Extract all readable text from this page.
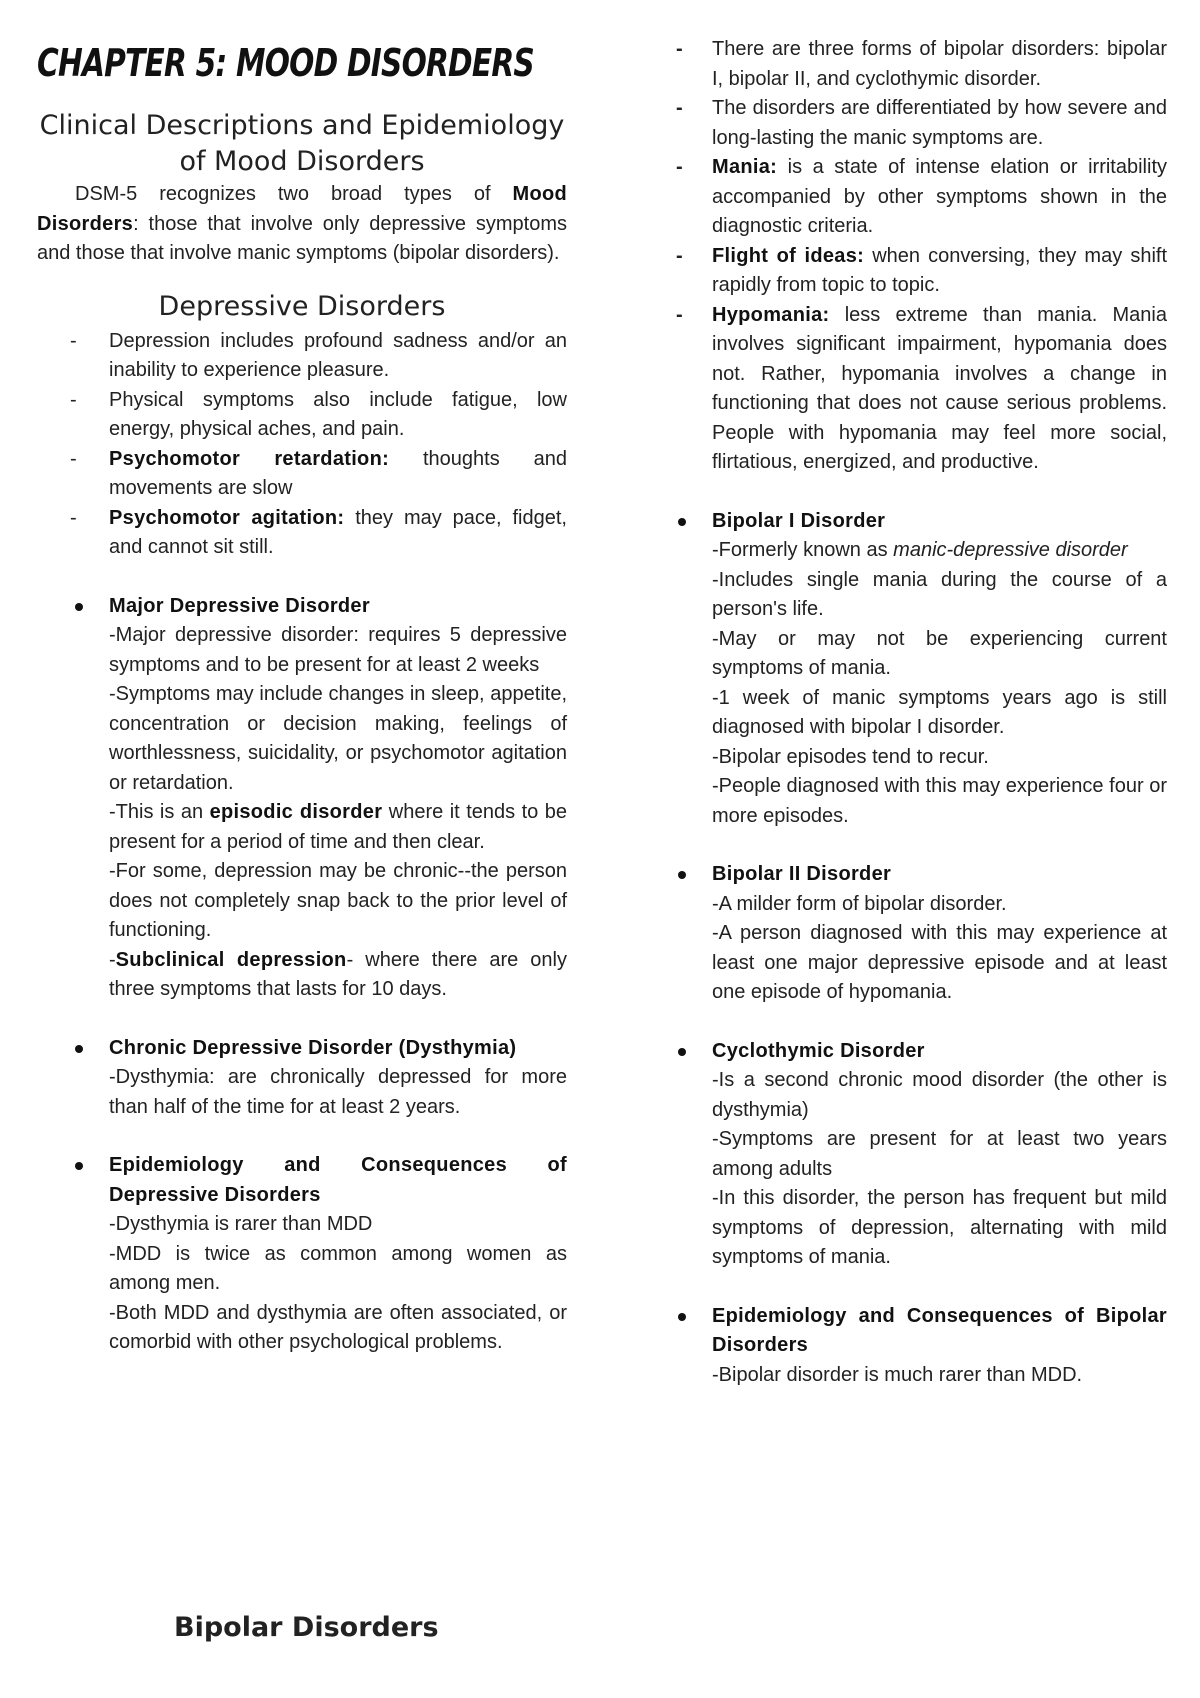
CHAPTER 5: MOOD DISORDERS
Clinical Descriptions and Epidemiology of Mood Disorders

DSM-5 recognizes two broad types of Mood Disorders: those that involve only depressive symptoms and those that involve manic symptoms (bipolar disorders).

Depressive Disorders
- Depression includes profound sadness and/or an inability to experience pleasure.
- Physical symptoms also include fatigue, low energy, physical aches, and pain.
- Psychomotor retardation: thoughts and movements are slow
- Psychomotor agitation: they may pace, fidget, and cannot sit still.

Major Depressive Disorder

-Major depressive disorder: requires 5 depressive symptoms and to be present for at least 2 weeks

-Symptoms may include changes in sleep, appetite, concentration or decision making, feelings of worthlessness, suicidality, or psychomotor agitation or retardation.

-This is an episodic disorder where it tends to be present for a period of time and then clear.

-For some, depression may be chronic--the person does not completely snap back to the prior level of functioning.

-Subclinical depression- where there are only three symptoms that lasts for 10 days.

Chronic Depressive Disorder (Dysthymia)

-Dysthymia: are chronically depressed for more than half of the time for at least 2 years.

Epidemiology and Consequences of Depressive Disorders

-Dysthymia is rarer than MDD

-MDD is twice as common among women as among men.

-Both MDD and dysthymia are often associated, or comorbid with other psychological problems.

- There are three forms of bipolar disorders: bipolar I, bipolar II, and cyclothymic disorder.
- The disorders are differentiated by how severe and long-lasting the manic symptoms are.
- Mania: is a state of intense elation or irritability accompanied by other symptoms shown in the diagnostic criteria.
- Flight of ideas: when conversing, they may shift rapidly from topic to topic.
- Hypomania: less extreme than mania. Mania involves significant impairment, hypomania does not. Rather, hypomania involves a change in functioning that does not cause serious problems. People with hypomania may feel more social, flirtatious, energized, and productive.

Bipolar I Disorder

-Formerly known as manic-depressive disorder

-Includes single mania during the course of a person's life.

-May or may not be experiencing current symptoms of mania.

-1 week of manic symptoms years ago is still diagnosed with bipolar I disorder.

-Bipolar episodes tend to recur.

-People diagnosed with this may experience four or more episodes.

Bipolar II Disorder

-A milder form of bipolar disorder.

-A person diagnosed with this may experience at least one major depressive episode and at least one episode of hypomania.

Cyclothymic Disorder

-Is a second chronic mood disorder (the other is dysthymia)

-Symptoms are present for at least two years among adults

-In this disorder, the person has frequent but mild symptoms of depression, alternating with mild symptoms of mania.

Epidemiology and Consequences of Bipolar Disorders

-Bipolar disorder is much rarer than MDD.

Bipolar Disorders
